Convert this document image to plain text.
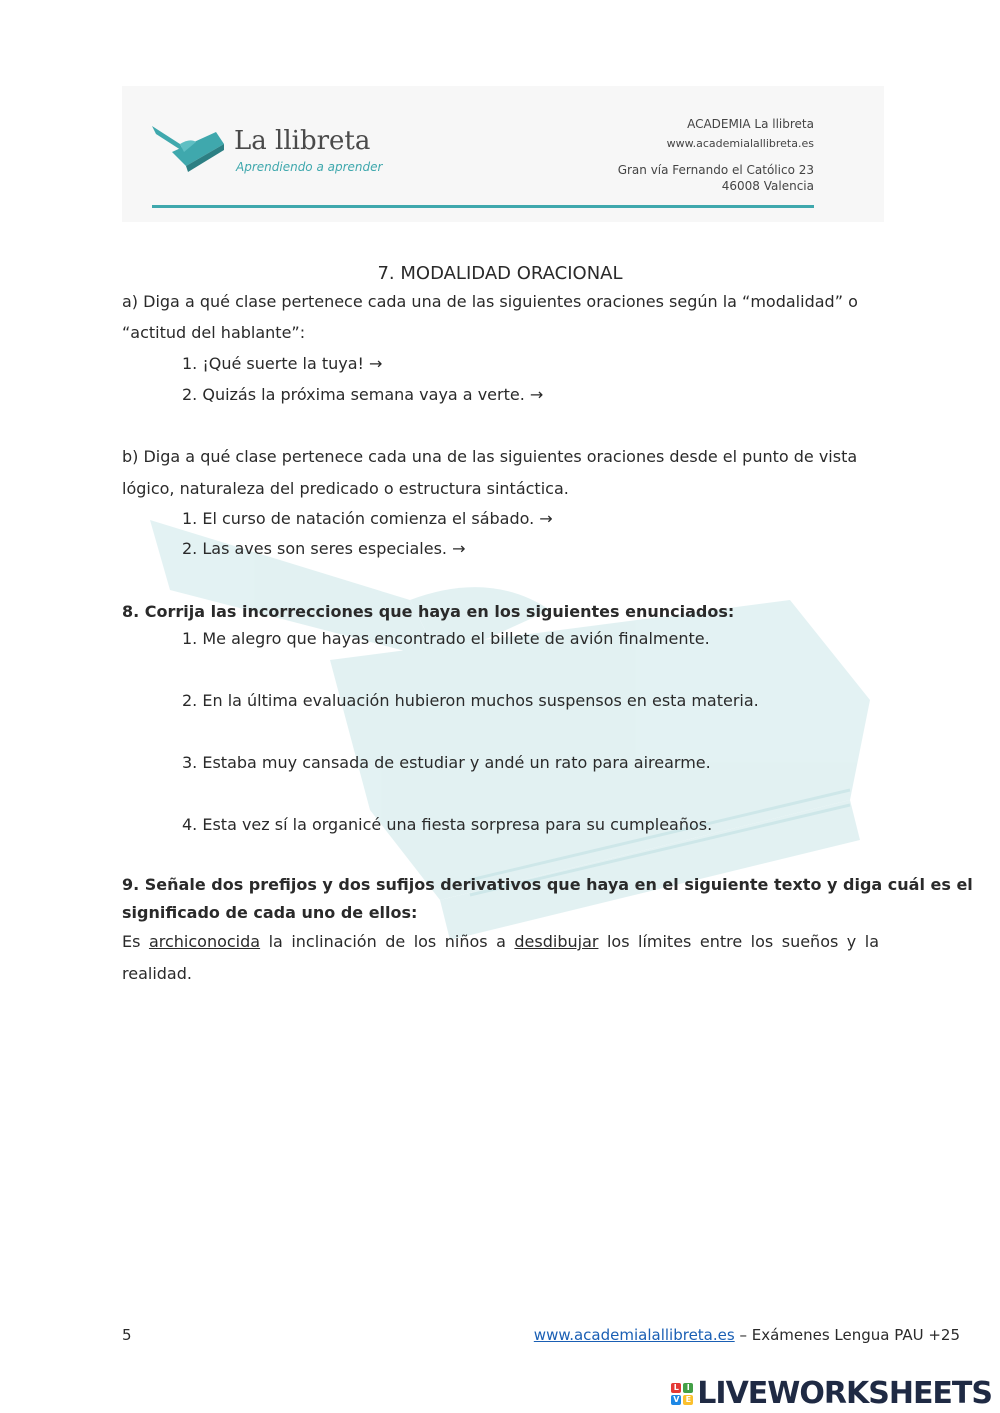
La llibreta
Aprendiendo a aprender
ACADEMIA La llibreta
www.academialallibreta.es
Gran vía Fernando el Católico 23
46008 Valencia
7. MODALIDAD ORACIONAL
a) Diga a qué clase pertenece cada una de las siguientes oraciones según la “modalidad” o
“actitud del hablante”:
1. ¡Qué suerte la tuya! →
2. Quizás la próxima semana vaya a verte. →
b) Diga a qué clase pertenece cada una de las siguientes oraciones desde el punto de vista
lógico, naturaleza del predicado o estructura sintáctica.
1. El curso de natación comienza el sábado. →
2. Las aves son seres especiales. →
8. Corrija las incorrecciones que haya en los siguientes enunciados:
1. Me alegro que hayas encontrado el billete de avión finalmente.
2. En la última evaluación hubieron muchos suspensos en esta materia.
3. Estaba muy cansada de estudiar y andé un rato para airearme.
4. Esta vez sí la organicé una fiesta sorpresa para su cumpleaños.
9. Señale dos prefijos y dos sufijos derivativos que haya en el siguiente texto y diga cuál es el
significado de cada uno de ellos:
Es archiconocida la inclinación de los niños a desdibujar los límites entre los sueños y la
realidad.
5	www.academialallibreta.es – Exámenes Lengua PAU +25
L I
V E LIVEWORKSHEETS
